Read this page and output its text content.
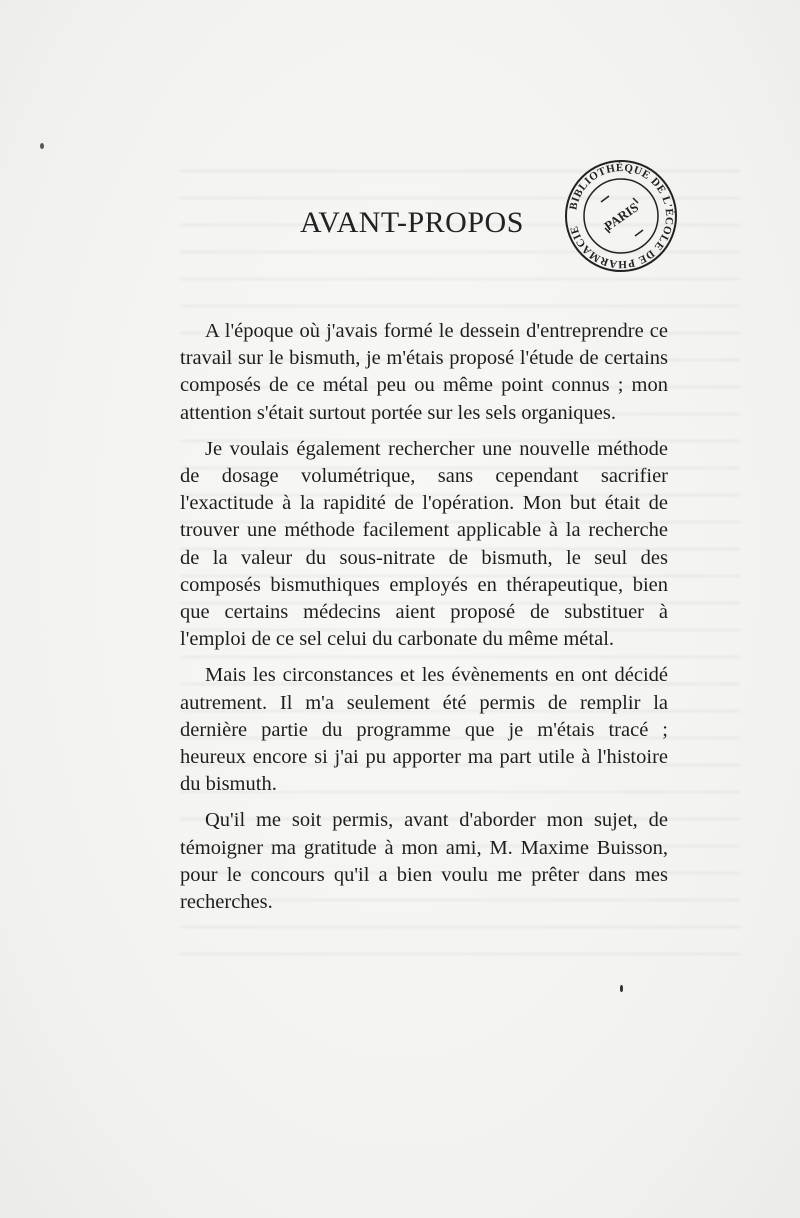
AVANT-PROPOS
BIBLIOTHÈQUE DE L'ÉCOLE DE PHARMACIE	PARIS

A l'époque où j'avais formé le dessein d'entreprendre ce travail sur le bismuth, je m'étais proposé l'étude de certains composés de ce métal peu ou même point connus ; mon attention s'était surtout portée sur les sels organiques.

Je voulais également rechercher une nouvelle méthode de dosage volumétrique, sans cependant sacrifier l'exactitude à la rapidité de l'opération. Mon but était de trouver une méthode facilement applicable à la recherche de la valeur du sous-nitrate de bismuth, le seul des composés bismuthiques employés en thérapeutique, bien que certains médecins aient proposé de substituer à l'emploi de ce sel celui du carbonate du même métal.

Mais les circonstances et les évènements en ont décidé autrement. Il m'a seulement été permis de remplir la dernière partie du programme que je m'étais tracé ; heureux encore si j'ai pu apporter ma part utile à l'histoire du bismuth.

Qu'il me soit permis, avant d'aborder mon sujet, de témoigner ma gratitude à mon ami, M. Maxime Buisson, pour le concours qu'il a bien voulu me prêter dans mes recherches.
